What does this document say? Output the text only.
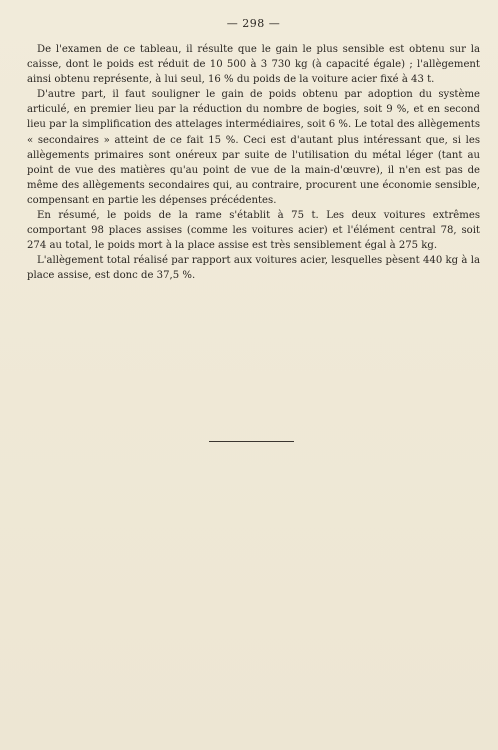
— 298 —

De l'examen de ce tableau, il résulte que le gain le plus sensible est obtenu sur la caisse, dont le poids est réduit de 10 500 à 3 730 kg (à capacité égale) ; l'allègement ainsi obtenu représente, à lui seul, 16 % du poids de la voiture acier fixé à 43 t.

D'autre part, il faut souligner le gain de poids obtenu par adoption du système articulé, en premier lieu par la réduction du nombre de bogies, soit 9 %, et en second lieu par la simplification des attelages intermédiaires, soit 6 %. Le total des allègements « secondaires » atteint de ce fait 15 %. Ceci est d'autant plus intéressant que, si les allègements primaires sont onéreux par suite de l'utilisation du métal léger (tant au point de vue des matières qu'au point de vue de la main-d'œuvre), il n'en est pas de même des allègements secondaires qui, au contraire, procurent une économie sensible, compensant en partie les dépenses précédentes.

En résumé, le poids de la rame s'établit à 75 t. Les deux voitures extrêmes comportant 98 places assises (comme les voitures acier) et l'élément central 78, soit 274 au total, le poids mort à la place assise est très sensiblement égal à 275 kg.

L'allègement total réalisé par rapport aux voitures acier, lesquelles pèsent 440 kg à la place assise, est donc de 37,5 %.
